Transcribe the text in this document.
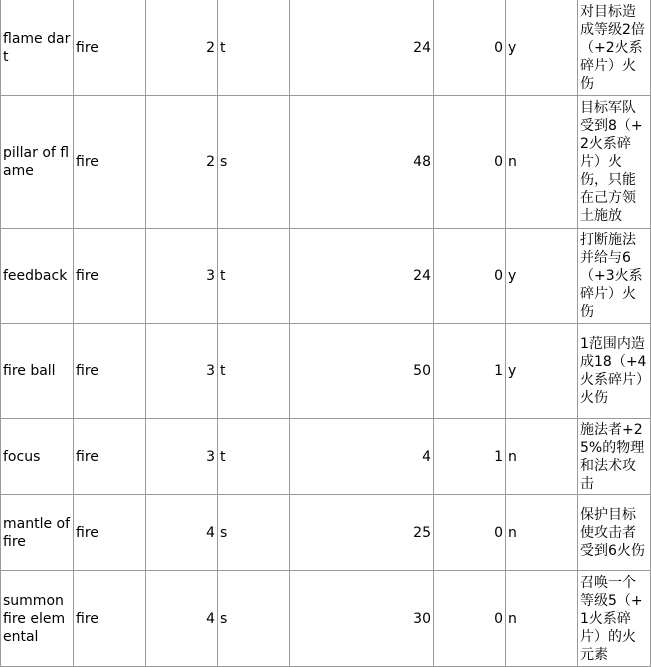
flame dart	fire	2	t	24	0	y	对目标造成等级2倍（+2火系碎片）火伤	

pillar of flame	fire	2	s	48	0	n	目标军队受到8（+2火系碎片）火伤，只能在己方领土施放	
feedback	fire	3	t	24	0	y	打断施法并给与6（+3火系碎片）火伤	
fire ball	fire	3	t	50	1	y	1范围内造成18（+4火系碎片）火伤	
focus	fire	3	t	4	1	n	施法者+25%的物理和法术攻击	
mantle of fire	fire	4	s	25	0	n	保护目标使攻击者受到6火伤	
summon fire elemental	fire	4	s	30	0	n	召唤一个等级5（+1火系碎片）的火元素	
